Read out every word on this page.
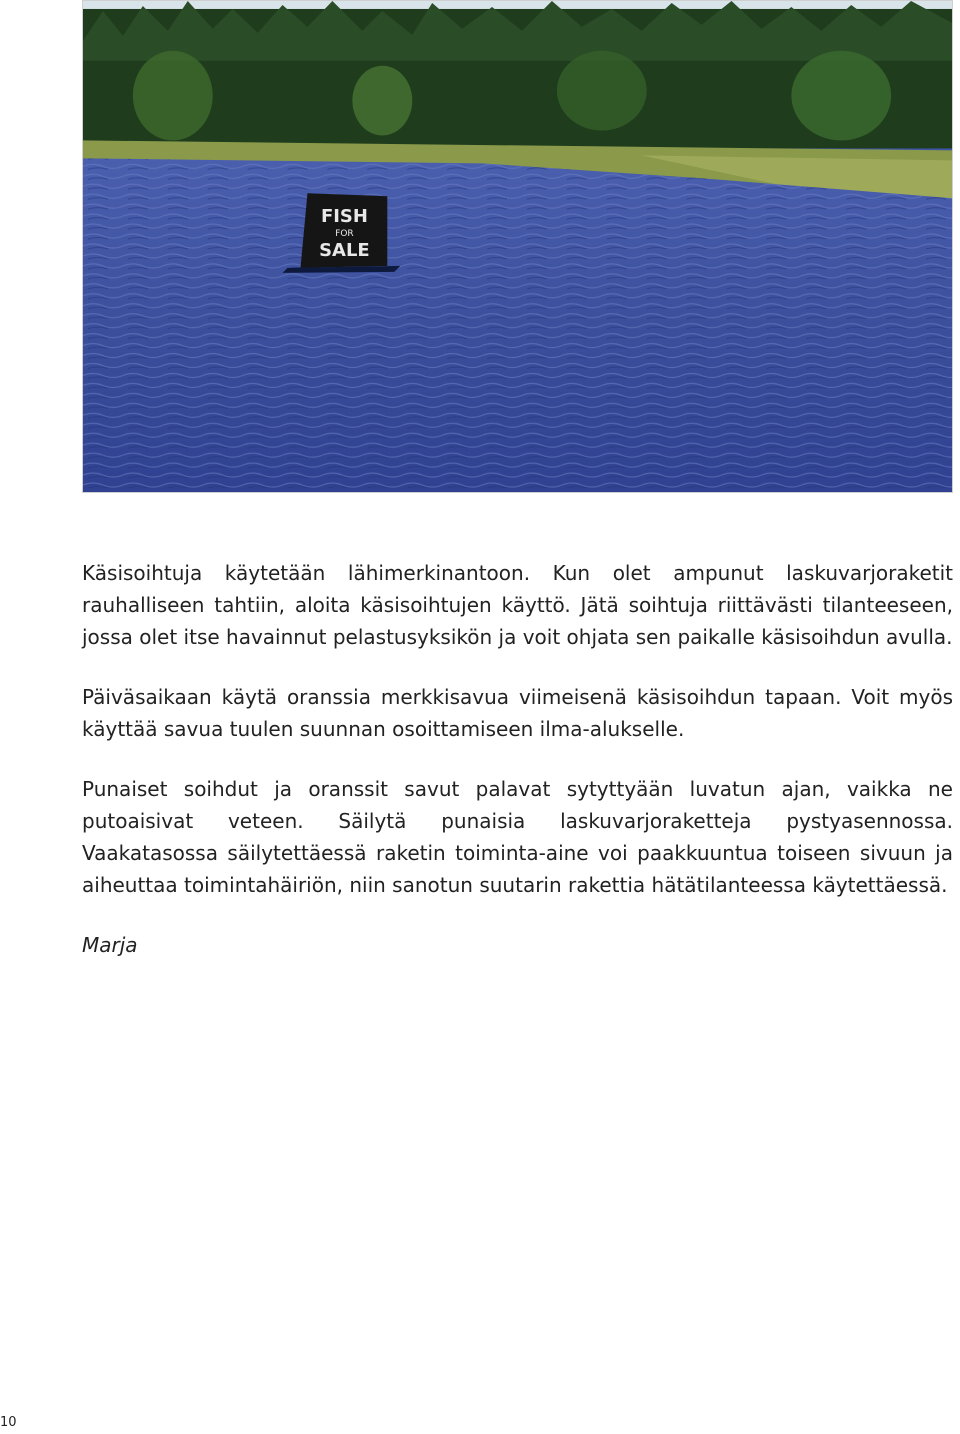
FISH
FOR
SALE

Käsisoihtuja käytetään lähimerkinantoon. Kun olet ampunut laskuvarjoraketit rauhalliseen tahtiin, aloita käsisoihtujen käyttö. Jätä soihtuja riittävästi tilanteeseen, jossa olet itse havainnut pelastusyksikön ja voit ohjata sen paikalle käsisoihdun avulla.

Päiväsaikaan käytä oranssia merkkisavua viimeisenä käsisoihdun tapaan. Voit myös käyttää savua tuulen suunnan osoittamiseen ilma-alukselle.

Punaiset soihdut ja oranssit savut palavat sytyttyään luvatun ajan, vaikka ne putoaisivat veteen. Säilytä punaisia laskuvarjoraketteja pystyasennossa. Vaakatasossa säilytettäessä raketin toiminta-aine voi paakkuuntua toiseen sivuun ja aiheuttaa toimintahäiriön, niin sanotun suutarin rakettia hätätilanteessa käytettäessä.

Marja

10
